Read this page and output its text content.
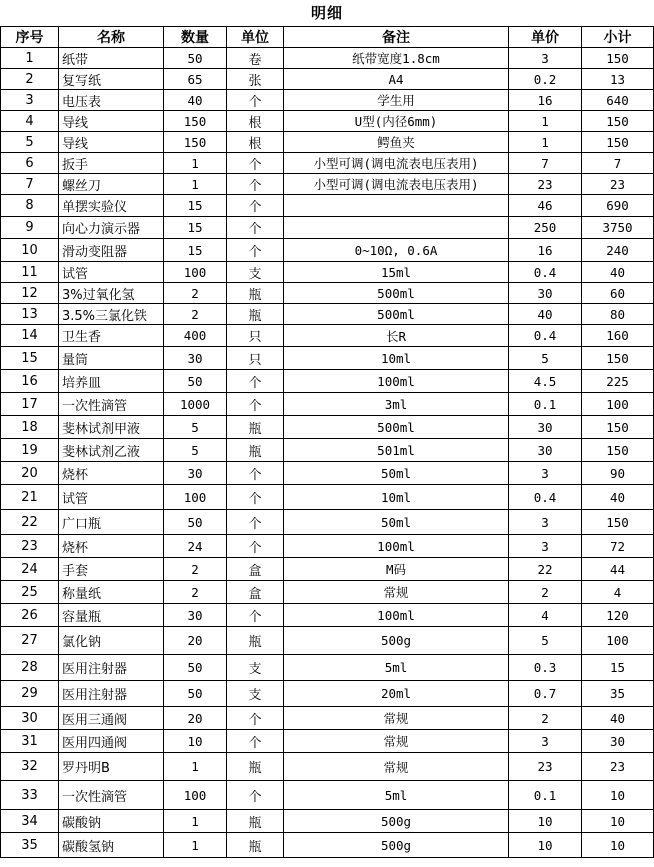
明细
序号	名称	数量	单位	备注	单价	小计
1	纸带	50	卷	纸带宽度1.8cm	3	150
2	复写纸	65	张	A4	0.2	13
3	电压表	40	个	学生用	16	640
4	导线	150	根	U型(内径6mm)	1	150
5	导线	150	根	鳄鱼夹	1	150
6	扳手	1	个	小型可调(调电流表电压表用)	7	7
7	螺丝刀	1	个	小型可调(调电流表电压表用)	23	23
8	单摆实验仪	15	个		46	690
9	向心力演示器	15	个		250	3750
10	滑动变阻器	15	个	0~10Ω, 0.6A	16	240
11	试管	100	支	15ml	0.4	40
12	3%过氧化氢	2	瓶	500ml	30	60
13	3.5%三氯化铁	2	瓶	500ml	40	80
14	卫生香	400	只	长R	0.4	160
15	量筒	30	只	10ml	5	150
16	培养皿	50	个	100ml	4.5	225
17	一次性滴管	1000	个	3ml	0.1	100
18	斐林试剂甲液	5	瓶	500ml	30	150
19	斐林试剂乙液	5	瓶	501ml	30	150
20	烧杯	30	个	50ml	3	90
21	试管	100	个	10ml	0.4	40
22	广口瓶	50	个	50ml	3	150
23	烧杯	24	个	100ml	3	72
24	手套	2	盒	M码	22	44
25	称量纸	2	盒	常规	2	4
26	容量瓶	30	个	100ml	4	120
27	氯化钠	20	瓶	500g	5	100
28	医用注射器	50	支	5ml	0.3	15
29	医用注射器	50	支	20ml	0.7	35
30	医用三通阀	20	个	常规	2	40
31	医用四通阀	10	个	常规	3	30
32	罗丹明B	1	瓶	常规	23	23
33	一次性滴管	100	个	5ml	0.1	10
34	碳酸钠	1	瓶	500g	10	10
35	碳酸氢钠	1	瓶	500g	10	10
